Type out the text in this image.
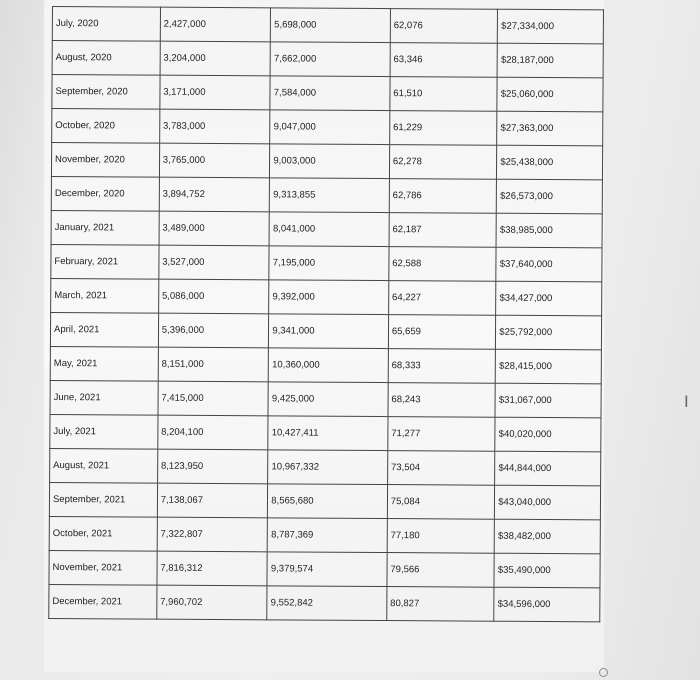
July, 2020	2,427,000	5,698,000	62,076	$27,334,000
August, 2020	3,204,000	7,662,000	63,346	$28,187,000
September, 2020	3,171,000	7,584,000	61,510	$25,060,000
October, 2020	3,783,000	9,047,000	61,229	$27,363,000
November, 2020	3,765,000	9,003,000	62,278	$25,438,000
December, 2020	3,894,752	9,313,855	62,786	$26,573,000
January, 2021	3,489,000	8,041,000	62,187	$38,985,000
February, 2021	3,527,000	7,195,000	62,588	$37,640,000
March, 2021	5,086,000	9,392,000	64,227	$34,427,000
April, 2021	5,396,000	9,341,000	65,659	$25,792,000
May, 2021	8,151,000	10,360,000	68,333	$28,415,000
June, 2021	7,415,000	9,425,000	68,243	$31,067,000
July, 2021	8,204,100	10,427,411	71,277	$40,020,000
August, 2021	8,123,950	10,967,332	73,504	$44,844,000
September, 2021	7,138,067	8,565,680	75,084	$43,040,000
October, 2021	7,322,807	8,787,369	77,180	$38,482,000
November, 2021	7,816,312	9,379,574	79,566	$35,490,000
December, 2021	7,960,702	9,552,842	80,827	$34,596,000
I
